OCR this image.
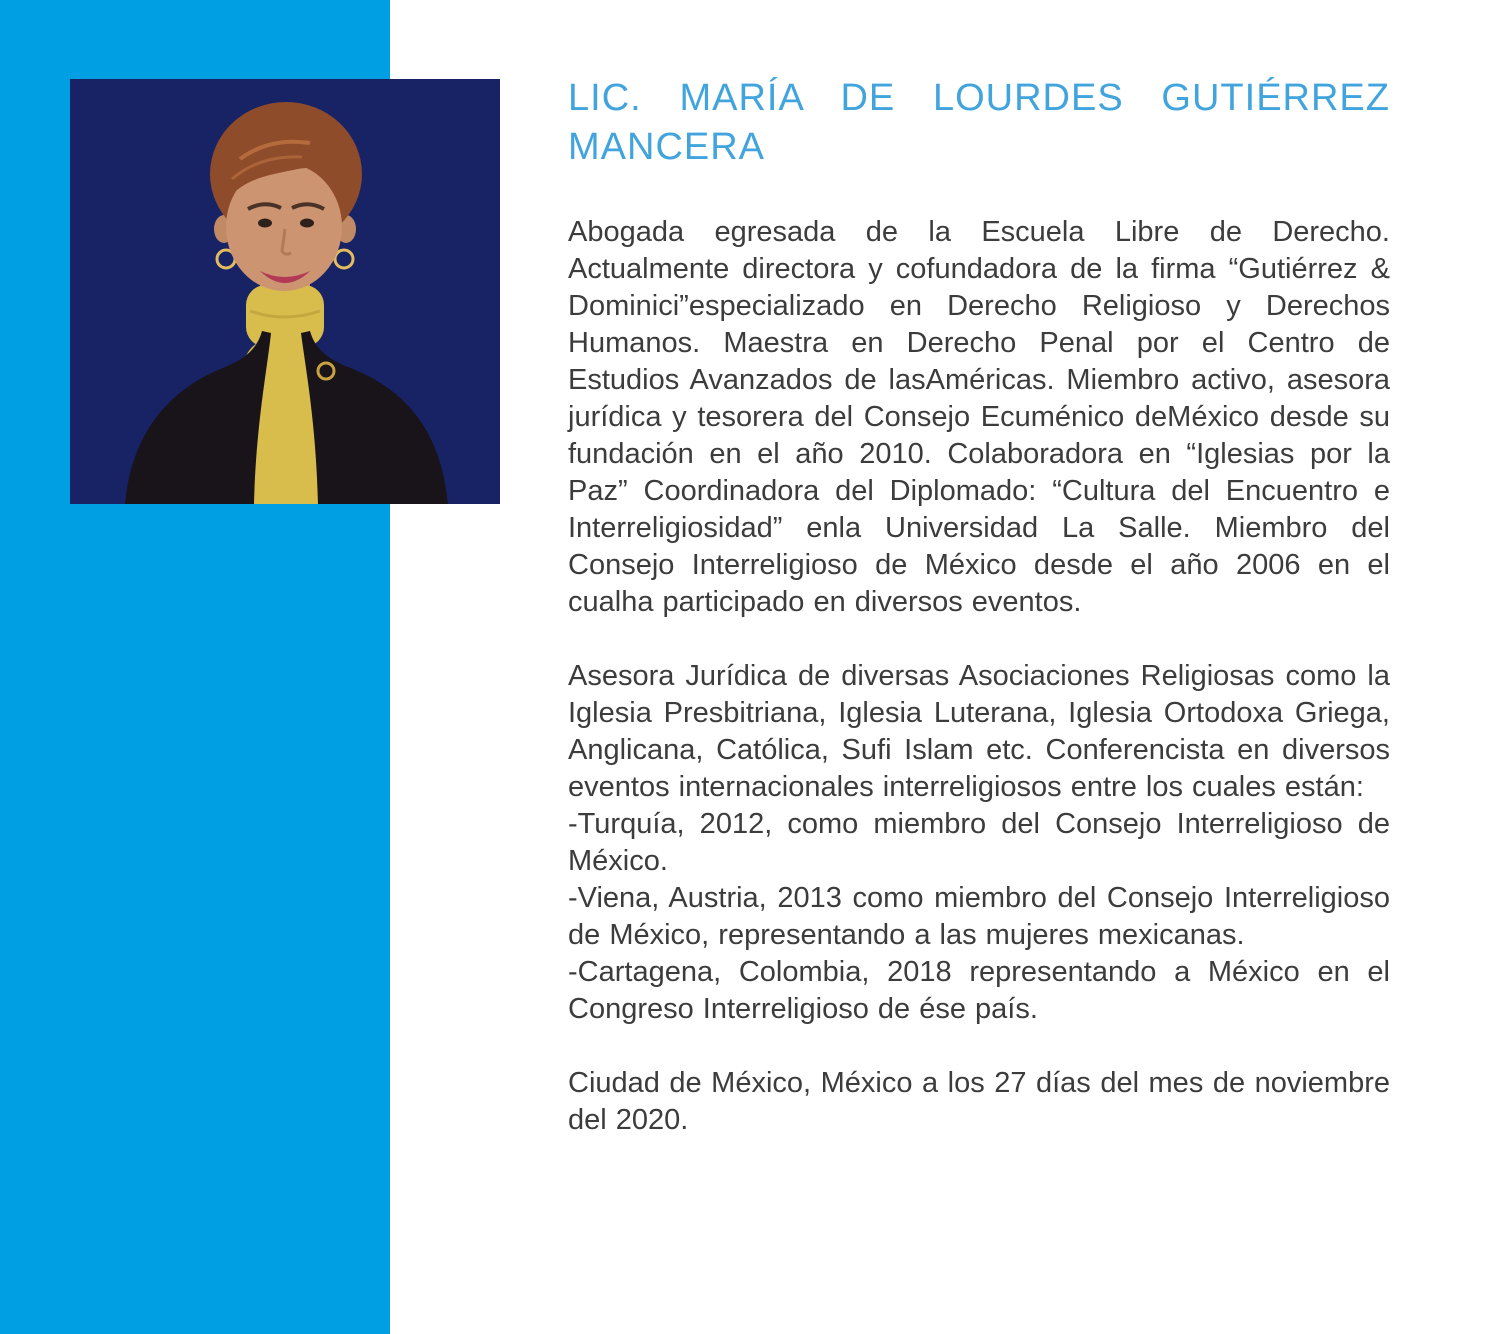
LIC. MARÍA DE LOURDES GUTIÉRREZ
MANCERA

Abogada egresada de la Escuela Libre de Derecho. Actualmente directora y cofundadora de la firma “Gutiérrez & Dominici”especializado en Derecho Religioso y Derechos Humanos. Maestra en Derecho Penal por el Centro de Estudios Avanzados de lasAméricas. Miembro activo, asesora jurídica y tesorera del Consejo Ecuménico deMéxico desde su fundación en el año 2010. Colaboradora en “Iglesias por la Paz” Coordinadora del Diplomado: “Cultura del Encuentro e Interreligiosidad” enla Universidad La Salle. Miembro del Consejo Interreligioso de México desde el año 2006 en el cualha participado en diversos eventos.

Asesora Jurídica de diversas Asociaciones Religiosas como la Iglesia Presbitriana, Iglesia Luterana, Iglesia Ortodoxa Griega, Anglicana, Católica, Sufi Islam etc. Conferencista en diversos eventos internacionales interreligiosos entre los cuales están:

-Turquía, 2012, como miembro del Consejo Interreligioso de México.
-Viena, Austria, 2013 como miembro del Consejo Interreligioso de México, representando a las mujeres mexicanas.
-Cartagena, Colombia, 2018 representando a México en el Congreso Interreligioso de ése país.

Ciudad de México, México a los 27 días del mes de noviembre del 2020.
